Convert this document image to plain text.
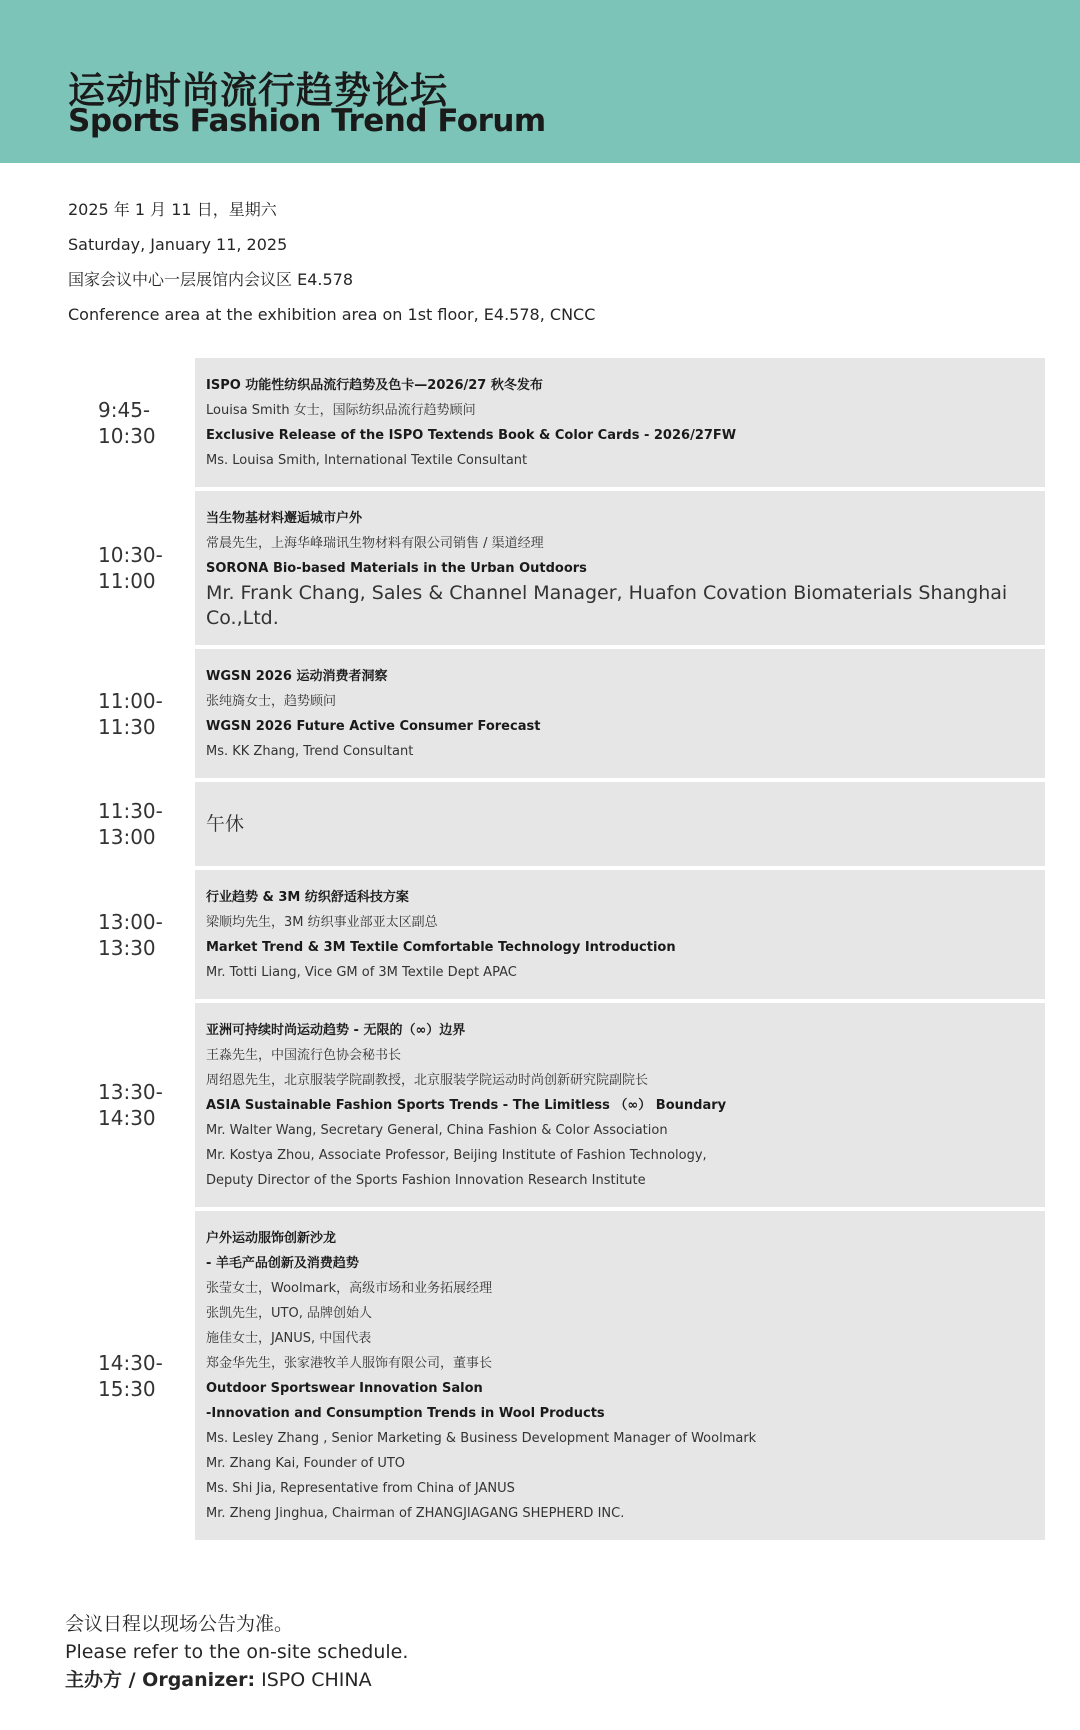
运动时尚流行趋势论坛
Sports Fashion Trend Forum
2025 年 1 月 11 日，星期六
Saturday, January 11, 2025
国家会议中心一层展馆内会议区 E4.578
Conference area at the exhibition area on 1st floor, E4.578, CNCC
9:45-
10:30
ISPO 功能性纺织品流行趋势及色卡—2026/27 秋冬发布
Louisa Smith 女士，国际纺织品流行趋势顾问
Exclusive Release of the ISPO Textends Book & Color Cards - 2026/27FW
Ms. Louisa Smith, International Textile Consultant
10:30-
11:00
当生物基材料邂逅城市户外
常晨先生，上海华峰瑞讯生物材料有限公司销售 / 渠道经理
SORONA Bio-based Materials in the Urban Outdoors
Mr. Frank Chang, Sales & Channel Manager, Huafon Covation Biomaterials Shanghai Co.,Ltd.
11:00-
11:30
WGSN 2026 运动消费者洞察
张纯旖女士，趋势顾问
WGSN 2026 Future Active Consumer Forecast
Ms. KK Zhang, Trend Consultant
11:30-
13:00
午休
13:00-
13:30
行业趋势 & 3M 纺织舒适科技方案
梁顺均先生，3M 纺织事业部亚太区副总
Market Trend & 3M Textile Comfortable Technology Introduction
Mr. Totti Liang, Vice GM of 3M Textile Dept APAC
13:30-
14:30
亚洲可持续时尚运动趋势 - 无限的（∞）边界
王淼先生，中国流行色协会秘书长
周绍恩先生，北京服装学院副教授，北京服装学院运动时尚创新研究院副院长
ASIA Sustainable Fashion Sports Trends - The Limitless （∞） Boundary
Mr. Walter Wang, Secretary General, China Fashion & Color Association
Mr. Kostya Zhou, Associate Professor, Beijing Institute of Fashion Technology,
Deputy Director of the Sports Fashion Innovation Research Institute
14:30-
15:30
户外运动服饰创新沙龙
- 羊毛产品创新及消费趋势
张莹女士，Woolmark，高级市场和业务拓展经理
张凯先生，UTO, 品牌创始人
施佳女士，JANUS, 中国代表
郑金华先生，张家港牧羊人服饰有限公司，董事长
Outdoor Sportswear Innovation Salon
-Innovation and Consumption Trends in Wool Products
Ms. Lesley Zhang , Senior Marketing & Business Development Manager of Woolmark
Mr. Zhang Kai, Founder of UTO
Ms. Shi Jia, Representative from China of JANUS
Mr. Zheng Jinghua, Chairman of ZHANGJIAGANG SHEPHERD INC.
会议日程以现场公告为准。
Please refer to the on-site schedule.
主办方 / Organizer: ISPO CHINA
